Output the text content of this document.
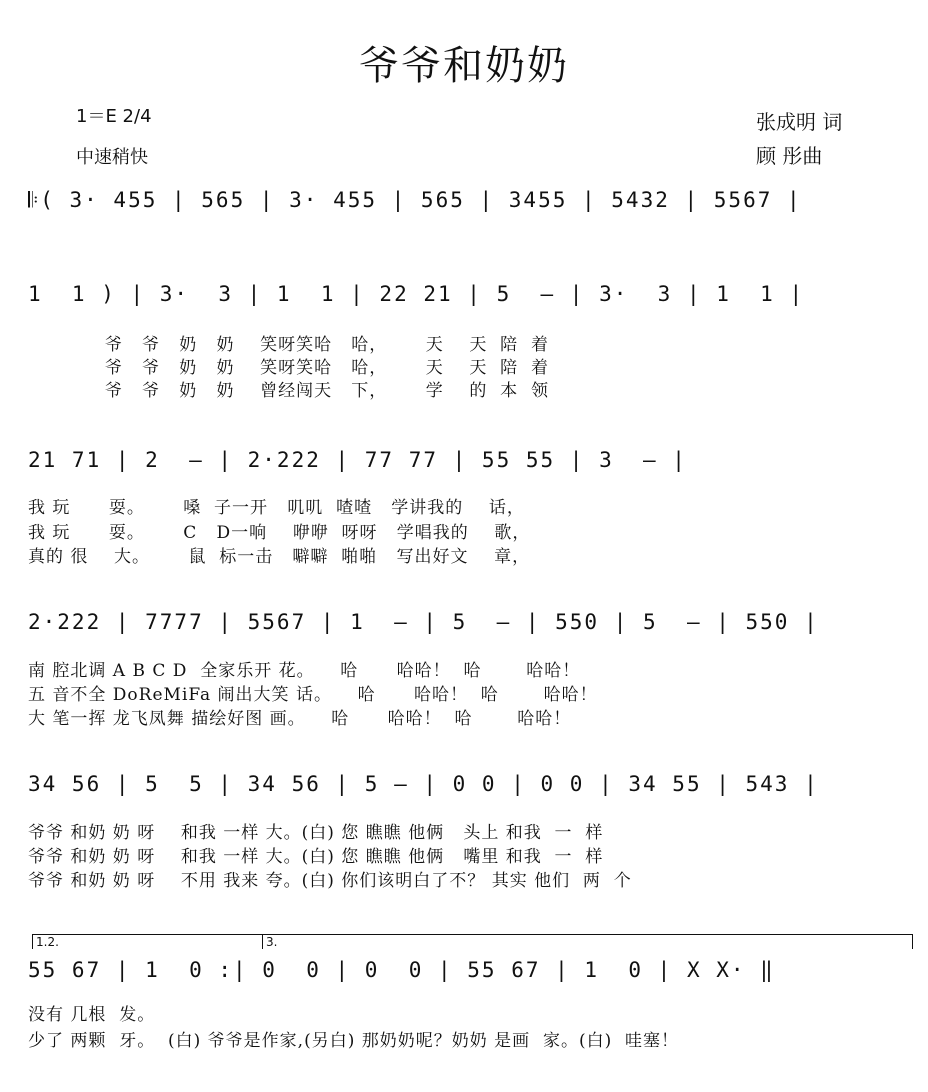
爷爷和奶奶
1＝E 2/4
中速稍快
张成明 词
顾 彤曲
𝄆( 3· 455 | 565 | 3· 455 | 565 | 3455 | 5432 | 5567 |
1  1 ) | 3·  3 | 1  1 | 22 21 | 5  – | 3·  3 | 1  1 |
爷   爷   奶   奶    笑呀笑哈   哈，      天    天  陪  着
爷   爷   奶   奶    笑呀笑哈   哈，      天    天  陪  着
爷   爷   奶   奶    曾经闯天   下，      学    的  本  领
21 71 | 2  – | 2·222 | 77 77 | 55 55 | 3  – |
我 玩      耍。      嗓  子一开   叽叽  喳喳   学讲我的    话，
我 玩      耍。      C   D一响    咿咿  呀呀   学唱我的    歌，
真的 很    大。      鼠  标一击   噼噼  啪啪   写出好文    章，
2·222 | 7777 | 5567 | 1  – | 5  – | 550 | 5  – | 550 |
南 腔北调 A B C D  全家乐开 花。    哈      哈哈！  哈       哈哈！
五 音不全 DoReMiFa 闹出大笑 话。    哈      哈哈！  哈       哈哈！
大 笔一挥 龙飞凤舞 描绘好图 画。    哈      哈哈！  哈       哈哈！
34 56 | 5  5 | 34 56 | 5 – | 0 0 | 0 0 | 34 55 | 543 |
爷爷 和奶 奶 呀    和我 一样 大。(白) 您 瞧瞧 他俩   头上 和我  一  样
爷爷 和奶 奶 呀    和我 一样 大。(白) 您 瞧瞧 他俩   嘴里 和我  一  样
爷爷 和奶 奶 呀    不用 我来 夸。(白) 你们该明白了不？ 其实 他们  两  个
1.2.	3.
55 67 | 1  0 :| 0  0 | 0  0 | 55 67 | 1  0 | X X· ‖
没有 几根  发。
少了 两颗  牙。  (白) 爷爷是作家,(另白) 那奶奶呢？奶奶 是画  家。(白)  哇塞！
